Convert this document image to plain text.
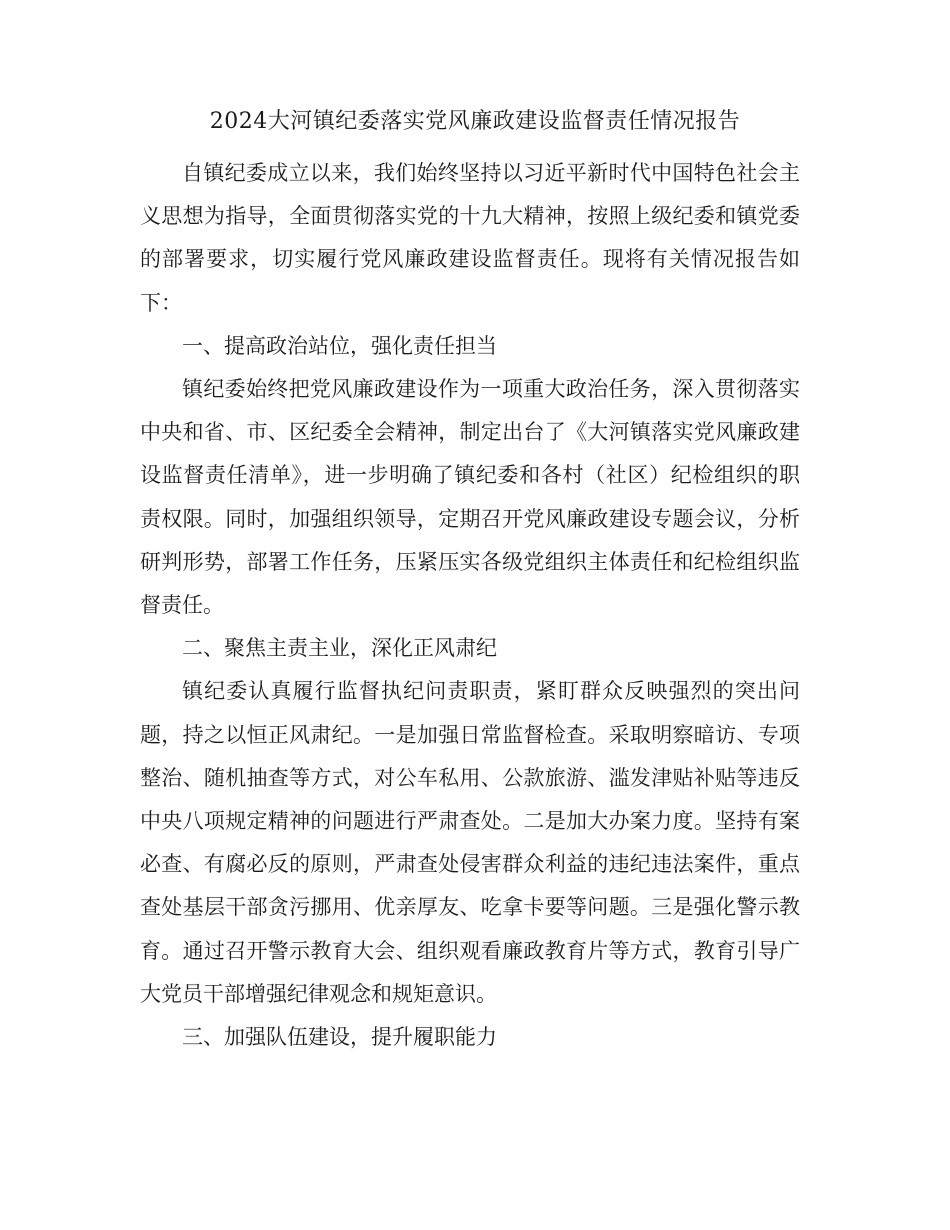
2024大河镇纪委落实党风廉政建设监督责任情况报告

自镇纪委成立以来，我们始终坚持以习近平新时代中国特色社会主义思想为指导，全面贯彻落实党的十九大精神，按照上级纪委和镇党委的部署要求，切实履行党风廉政建设监督责任。现将有关情况报告如下：

一、提高政治站位，强化责任担当

镇纪委始终把党风廉政建设作为一项重大政治任务，深入贯彻落实中央和省、市、区纪委全会精神，制定出台了《大河镇落实党风廉政建设监督责任清单》，进一步明确了镇纪委和各村（社区）纪检组织的职责权限。同时，加强组织领导，定期召开党风廉政建设专题会议，分析研判形势，部署工作任务，压紧压实各级党组织主体责任和纪检组织监督责任。

二、聚焦主责主业，深化正风肃纪

镇纪委认真履行监督执纪问责职责，紧盯群众反映强烈的突出问题，持之以恒正风肃纪。一是加强日常监督检查。采取明察暗访、专项整治、随机抽查等方式，对公车私用、公款旅游、滥发津贴补贴等违反中央八项规定精神的问题进行严肃查处。二是加大办案力度。坚持有案必查、有腐必反的原则，严肃查处侵害群众利益的违纪违法案件，重点查处基层干部贪污挪用、优亲厚友、吃拿卡要等问题。三是强化警示教育。通过召开警示教育大会、组织观看廉政教育片等方式，教育引导广大党员干部增强纪律观念和规矩意识。

三、加强队伍建设，提升履职能力
